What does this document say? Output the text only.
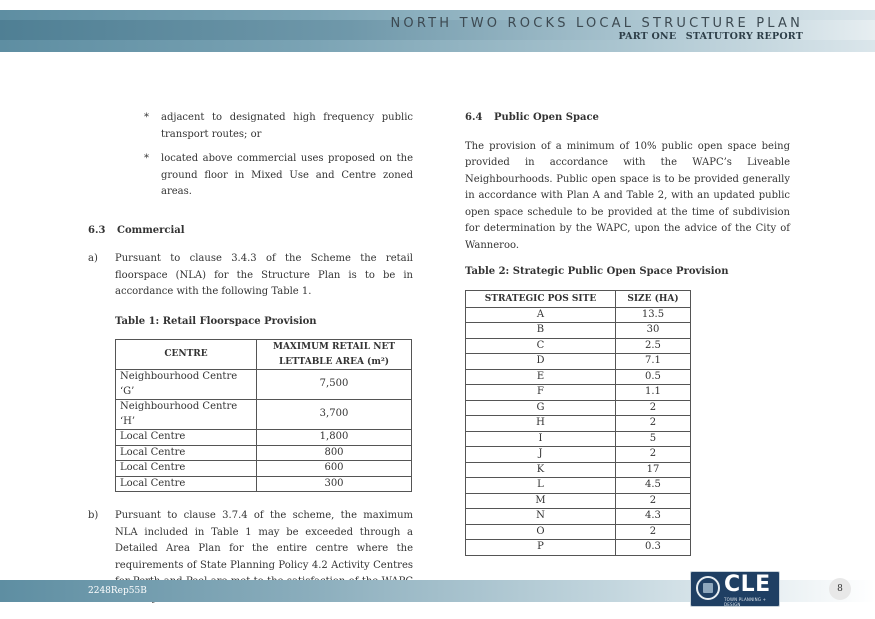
NORTH TWO ROCKS LOCAL STRUCTURE PLAN
PART ONE STATUTORY REPORT
* adjacent to designated high frequency public transport routes; or
* located above commercial uses proposed on the ground floor in Mixed Use and Centre zoned areas.
6.3 Commercial
a) Pursuant to clause 3.4.3 of the Scheme the retail floorspace (NLA) for the Structure Plan is to be in accordance with the following Table 1.
Table 1: Retail Floorspace Provision
CENTRE	MAXIMUM RETAIL NET LETTABLE AREA (m²)
Neighbourhood Centre ‘G’	7,500
Neighbourhood Centre ‘H’	3,700
Local Centre	1,800
Local Centre	800
Local Centre	600
Local Centre	300
b) Pursuant to clause 3.7.4 of the scheme, the maximum NLA included in Table 1 may be exceeded through a Detailed Area Plan for the entire centre where the requirements of State Planning Policy 4.2 Activity Centres
6.4 Public Open Space
The provision of a minimum of 10% public open space being provided in accordance with the WAPC’s Liveable Neighbourhoods. Public open space is to be provided generally in accordance with Plan A and Table 2, with an updated public open space schedule to be provided at the time of subdivision for determination by the WAPC, upon the advice of the City of Wanneroo.
Table 2: Strategic Public Open Space Provision
STRATEGIC POS SITE	SIZE (HA)
A	13.5
B	30
C	2.5
D	7.1
E	0.5
F	1.1
G	2
H	2
I	5
J	2
K	17
L	4.5
M	2
N	4.3
O	2
P	0.3
2248Rep55B	CLE
TOWN PLANNING + DESIGN
8
